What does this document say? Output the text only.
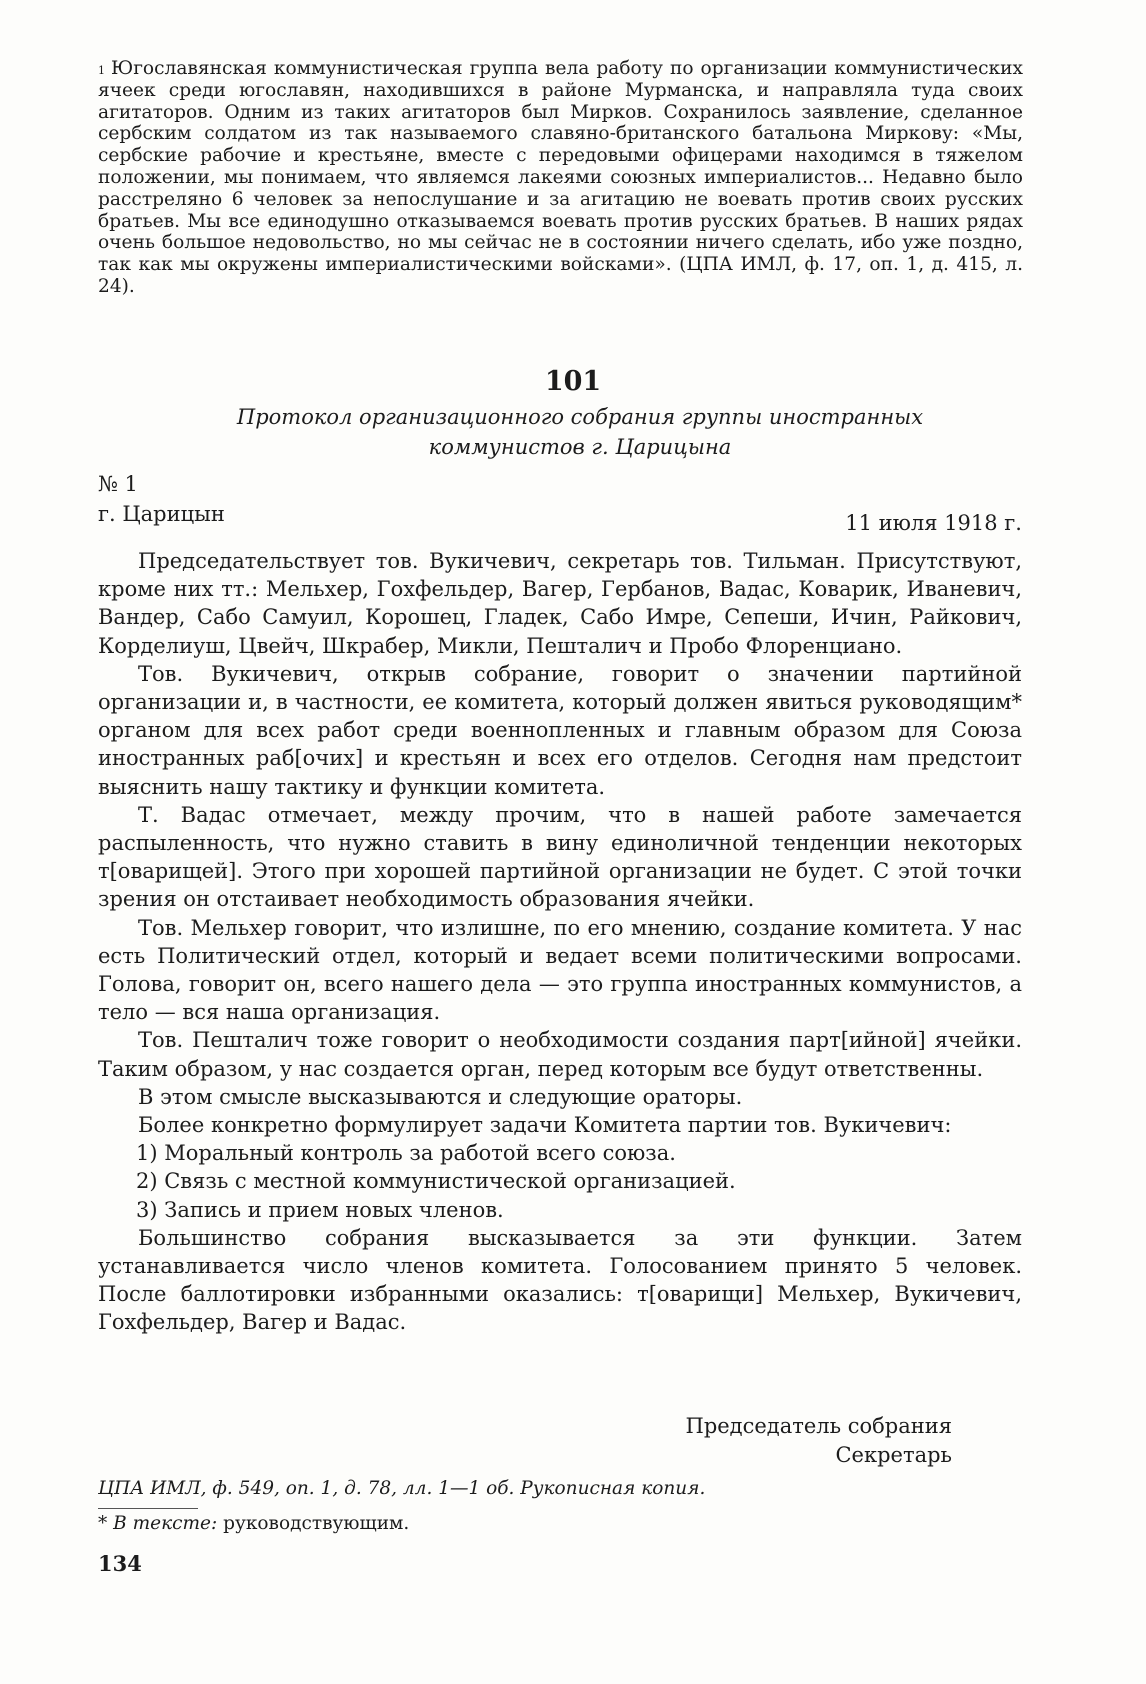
$^1$ Югославянская коммунистическая группа вела работу по организации коммунистических ячеек среди югославян, находившихся в районе Мурманска, и направляла туда своих агитаторов. Одним из таких агитаторов был Мирков. Сохранилось заявление, сделанное сербским солдатом из так называемого славяно-британского батальона Миркову: «Мы, сербские рабочие и крестьяне, вместе с передовыми офицерами находимся в тяжелом положении, мы понимаем, что являемся лакеями союзных империалистов... Недавно было расстреляно 6 человек за непослушание и за агитацию не воевать против своих русских братьев. Мы все единодушно отказываемся воевать против русских братьев. В наших рядах очень большое недовольство, но мы сейчас не в состоянии ничего сделать, ибо уже поздно, так как мы окружены империалистическими войсками». (ЦПА ИМЛ, ф. 17, оп. 1, д. 415, л. 24).

101
Протокол организационного собрания группы иностранных коммунистов г. Царицына
№ 1
г. Царицын	11 июля 1918 г.

Председательствует тов. Вукичевич, секретарь тов. Тильман. Присутствуют, кроме них тт.: Мельхер, Гохфельдер, Вагер, Гербанов, Вадас, Коварик, Иваневич, Вандер, Сабо Самуил, Корошец, Гладек, Сабо Имре, Сепеши, Ичин, Райкович, Корделиуш, Цвейч, Шкрабер, Микли, Пешталич и Пробо Флоренциано.

Тов. Вукичевич, открыв собрание, говорит о значении партийной организации и, в частности, ее комитета, который должен явиться руководящим* органом для всех работ среди военнопленных и главным образом для Союза иностранных раб[очих] и крестьян и всех его отделов. Сегодня нам предстоит выяснить нашу тактику и функции комитета.

Т. Вадас отмечает, между прочим, что в нашей работе замечается распыленность, что нужно ставить в вину единоличной тенденции некоторых т[оварищей]. Этого при хорошей партийной организации не будет. С этой точки зрения он отстаивает необходимость образования ячейки.

Тов. Мельхер говорит, что излишне, по его мнению, создание комитета. У нас есть Политический отдел, который и ведает всеми политическими вопросами. Голова, говорит он, всего нашего дела — это группа иностранных коммунистов, а тело — вся наша организация.

Тов. Пешталич тоже говорит о необходимости создания парт[ийной] ячейки. Таким образом, у нас создается орган, перед которым все будут ответственны.

В этом смысле высказываются и следующие ораторы.

Более конкретно формулирует задачи Комитета партии тов. Вукичевич:

1) Моральный контроль за работой всего союза.

2) Связь с местной коммунистической организацией.

3) Запись и прием новых членов.

Большинство собрания высказывается за эти функции. Затем устанавливается число членов комитета. Голосованием принято 5 человек. После баллотировки избранными оказались: т[оварищи] Мельхер, Вукичевич, Гохфельдер, Вагер и Вадас.

Председатель собрания
Секретарь
ЦПА ИМЛ, ф. 549, оп. 1, д. 78, лл. 1—1 об. Рукописная копия.
* В тексте: руководствующим.
134
